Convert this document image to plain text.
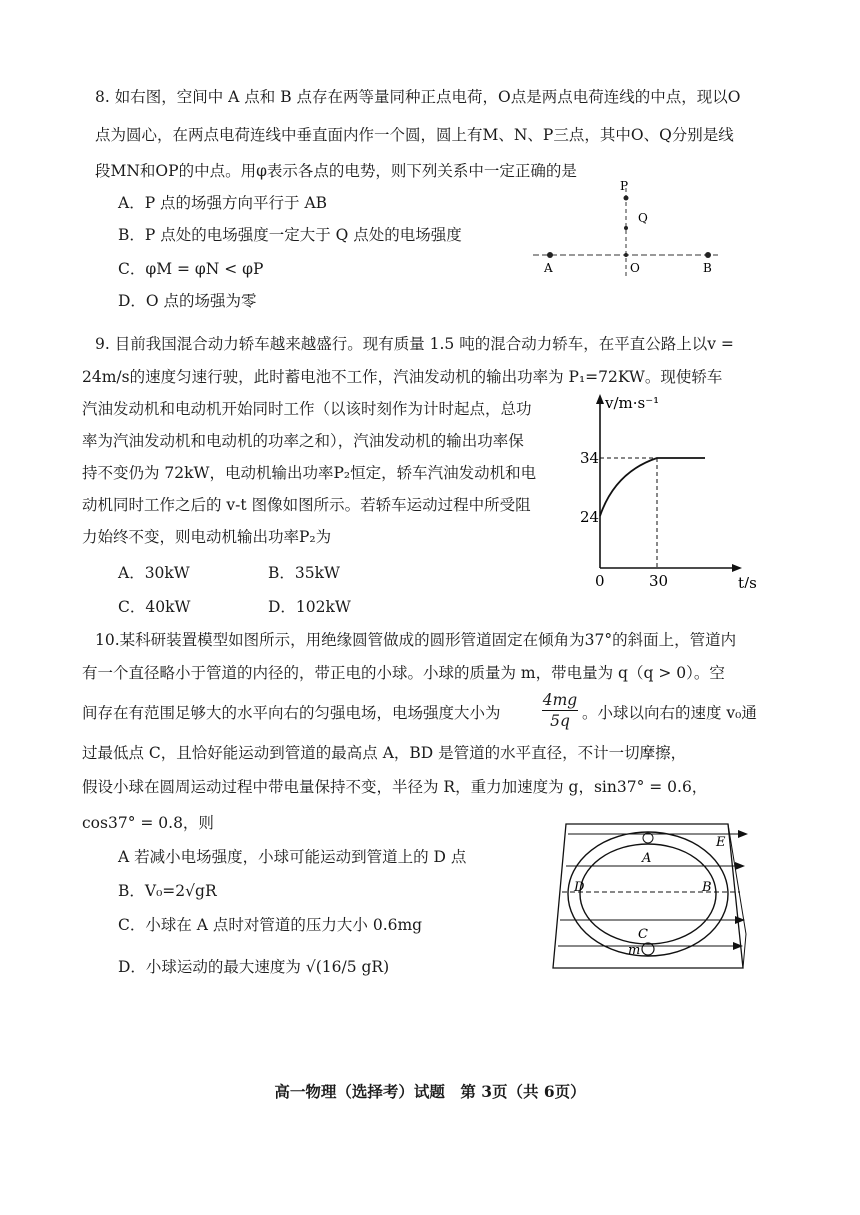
8. 如右图，空间中 A 点和 B 点存在两等量同种正点电荷，O点是两点电荷连线的中点，现以O
点为圆心，在两点电荷连线中垂直面内作一个圆，圆上有M、N、P三点，其中O、Q分别是线
段MN和OP的中点。用φ表示各点的电势，则下列关系中一定正确的是
A．P 点的场强方向平行于 AB
B．P 点处的电场强度一定大于 Q 点处的电场强度
C．φM = φN < φP
D．O 点的场强为零
P
Q
A	O	B
9. 目前我国混合动力轿车越来越盛行。现有质量 1.5 吨的混合动力轿车，在平直公路上以v =
24m/s的速度匀速行驶，此时蓄电池不工作，汽油发动机的输出功率为 P₁=72KW。现使轿车
汽油发动机和电动机开始同时工作（以该时刻作为计时起点，总功
率为汽油发动机和电动机的功率之和），汽油发动机的输出功率保
持不变仍为 72kW，电动机输出功率P₂恒定，轿车汽油发动机和电
动机同时工作之后的 v-t 图像如图所示。若轿车运动过程中所受阻
力始终不变，则电动机输出功率P₂为
A．30kW	B．35kW
C．40kW	D．102kW
v/m·s⁻¹
t/s
34
24
0	30
10.某科研装置模型如图所示，用绝缘圆管做成的圆形管道固定在倾角为37°的斜面上，管道内
有一个直径略小于管道的内径的，带正电的小球。小球的质量为 m，带电量为 q（q > 0）。空
间存在有范围足够大的水平向右的匀强电场，电场强度大小为
4mg
5q 。小球以向右的速度 v₀通
过最低点 C，且恰好能运动到管道的最高点 A，BD 是管道的水平直径，不计一切摩擦，
假设小球在圆周运动过程中带电量保持不变，半径为 R，重力加速度为 g，sin37° = 0.6，
cos37° = 0.8，则
A 若减小电场强度，小球可能运动到管道上的 D 点
B．V₀=2√gR
C．小球在 A 点时对管道的压力大小 0.6mg
D．小球运动的最大速度为 √(16/5 gR)
A
B
C
D
E
m
高一物理（选择考）试题　第 3页（共 6页）
